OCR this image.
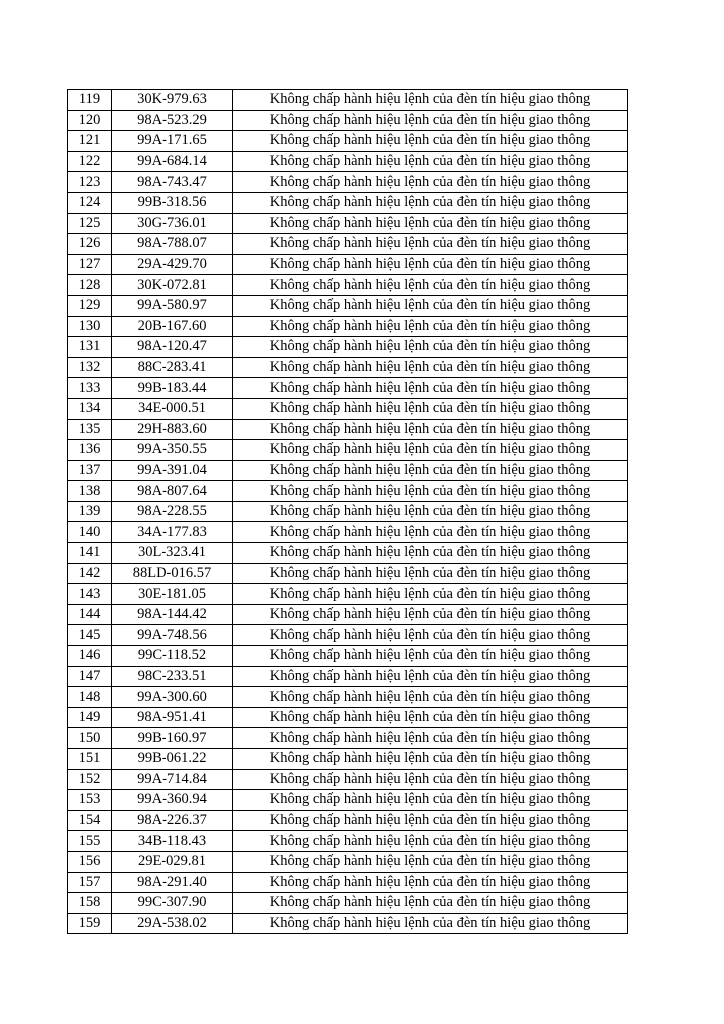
119	30K-979.63	Không chấp hành hiệu lệnh của đèn tín hiệu giao thông
120	98A-523.29	Không chấp hành hiệu lệnh của đèn tín hiệu giao thông
121	99A-171.65	Không chấp hành hiệu lệnh của đèn tín hiệu giao thông
122	99A-684.14	Không chấp hành hiệu lệnh của đèn tín hiệu giao thông
123	98A-743.47	Không chấp hành hiệu lệnh của đèn tín hiệu giao thông
124	99B-318.56	Không chấp hành hiệu lệnh của đèn tín hiệu giao thông
125	30G-736.01	Không chấp hành hiệu lệnh của đèn tín hiệu giao thông
126	98A-788.07	Không chấp hành hiệu lệnh của đèn tín hiệu giao thông
127	29A-429.70	Không chấp hành hiệu lệnh của đèn tín hiệu giao thông
128	30K-072.81	Không chấp hành hiệu lệnh của đèn tín hiệu giao thông
129	99A-580.97	Không chấp hành hiệu lệnh của đèn tín hiệu giao thông
130	20B-167.60	Không chấp hành hiệu lệnh của đèn tín hiệu giao thông
131	98A-120.47	Không chấp hành hiệu lệnh của đèn tín hiệu giao thông
132	88C-283.41	Không chấp hành hiệu lệnh của đèn tín hiệu giao thông
133	99B-183.44	Không chấp hành hiệu lệnh của đèn tín hiệu giao thông
134	34E-000.51	Không chấp hành hiệu lệnh của đèn tín hiệu giao thông
135	29H-883.60	Không chấp hành hiệu lệnh của đèn tín hiệu giao thông
136	99A-350.55	Không chấp hành hiệu lệnh của đèn tín hiệu giao thông
137	99A-391.04	Không chấp hành hiệu lệnh của đèn tín hiệu giao thông
138	98A-807.64	Không chấp hành hiệu lệnh của đèn tín hiệu giao thông
139	98A-228.55	Không chấp hành hiệu lệnh của đèn tín hiệu giao thông
140	34A-177.83	Không chấp hành hiệu lệnh của đèn tín hiệu giao thông
141	30L-323.41	Không chấp hành hiệu lệnh của đèn tín hiệu giao thông
142	88LD-016.57	Không chấp hành hiệu lệnh của đèn tín hiệu giao thông
143	30E-181.05	Không chấp hành hiệu lệnh của đèn tín hiệu giao thông
144	98A-144.42	Không chấp hành hiệu lệnh của đèn tín hiệu giao thông
145	99A-748.56	Không chấp hành hiệu lệnh của đèn tín hiệu giao thông
146	99C-118.52	Không chấp hành hiệu lệnh của đèn tín hiệu giao thông
147	98C-233.51	Không chấp hành hiệu lệnh của đèn tín hiệu giao thông
148	99A-300.60	Không chấp hành hiệu lệnh của đèn tín hiệu giao thông
149	98A-951.41	Không chấp hành hiệu lệnh của đèn tín hiệu giao thông
150	99B-160.97	Không chấp hành hiệu lệnh của đèn tín hiệu giao thông
151	99B-061.22	Không chấp hành hiệu lệnh của đèn tín hiệu giao thông
152	99A-714.84	Không chấp hành hiệu lệnh của đèn tín hiệu giao thông
153	99A-360.94	Không chấp hành hiệu lệnh của đèn tín hiệu giao thông
154	98A-226.37	Không chấp hành hiệu lệnh của đèn tín hiệu giao thông
155	34B-118.43	Không chấp hành hiệu lệnh của đèn tín hiệu giao thông
156	29E-029.81	Không chấp hành hiệu lệnh của đèn tín hiệu giao thông
157	98A-291.40	Không chấp hành hiệu lệnh của đèn tín hiệu giao thông
158	99C-307.90	Không chấp hành hiệu lệnh của đèn tín hiệu giao thông
159	29A-538.02	Không chấp hành hiệu lệnh của đèn tín hiệu giao thông
